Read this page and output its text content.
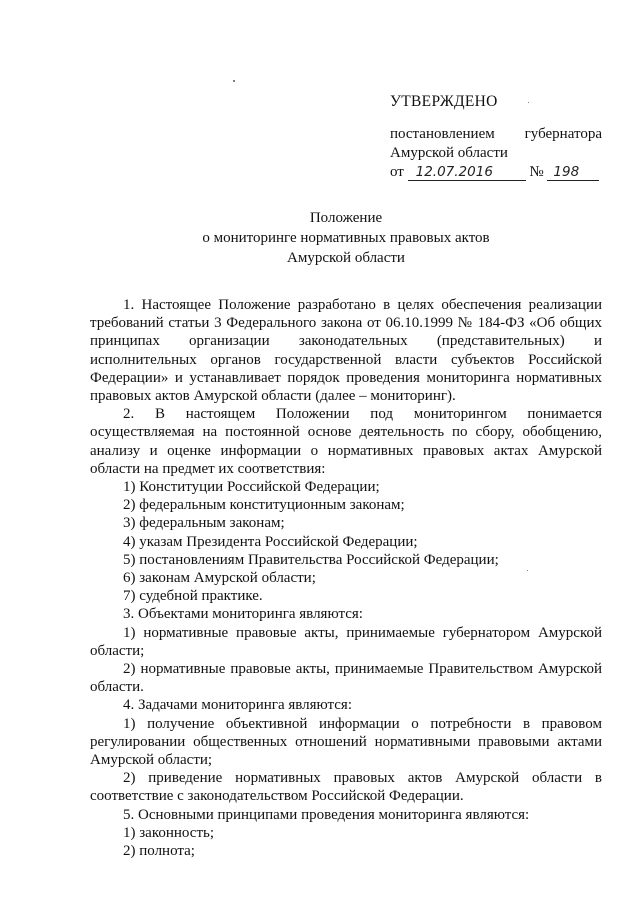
УТВЕРЖДЕНО
постановлением губернатора
Амурской области
от 12.07.2016 № 198
Положение
о мониторинге нормативных правовых актов
Амурской области

1. Настоящее Положение разработано в целях обеспечения реализации требований статьи 3 Федерального закона от 06.10.1999 № 184-ФЗ «Об общих принципах организации законодательных (представительных) и исполнительных органов государственной власти субъектов Российской Федерации» и устанавливает порядок проведения мониторинга нормативных правовых актов Амурской области (далее – мониторинг).

2. В настоящем Положении под мониторингом понимается осуществляемая на постоянной основе деятельность по сбору, обобщению, анализу и оценке информации о нормативных правовых актах Амурской области на предмет их соответствия:

1) Конституции Российской Федерации;

2) федеральным конституционным законам;

3) федеральным законам;

4) указам Президента Российской Федерации;

5) постановлениям Правительства Российской Федерации;

6) законам Амурской области;

7) судебной практике.

3. Объектами мониторинга являются:

1) нормативные правовые акты, принимаемые губернатором Амурской области;

2) нормативные правовые акты, принимаемые Правительством Амурской области.

4. Задачами мониторинга являются:

1) получение объективной информации о потребности в правовом регулировании общественных отношений нормативными правовыми актами Амурской области;

2) приведение нормативных правовых актов Амурской области в соответствие с законодательством Российской Федерации.

5. Основными принципами проведения мониторинга являются:

1) законность;

2) полнота;
